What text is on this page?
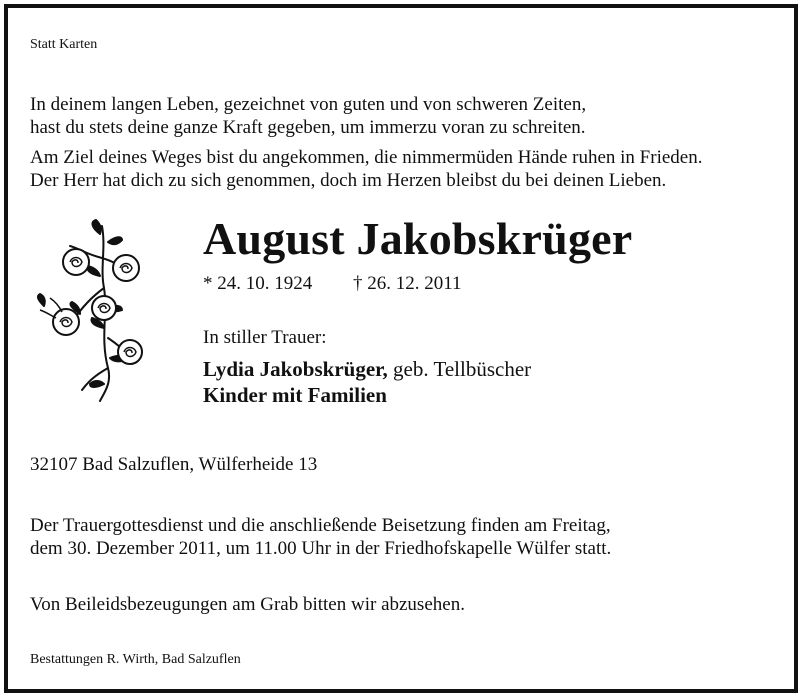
Statt Karten
In deinem langen Leben, gezeichnet von guten und von schweren Zeiten,
hast du stets deine ganze Kraft gegeben, um immerzu voran zu schreiten.
Am Ziel deines Weges bist du angekommen, die nimmermüden Hände ruhen in Frieden.
Der Herr hat dich zu sich genommen, doch im Herzen bleibst du bei deinen Lieben.
August Jakobskrüger
* 24. 10. 1924 † 26. 12. 2011
In stiller Trauer:
Lydia Jakobskrüger, geb. Tellbüscher
Kinder mit Familien
32107 Bad Salzuflen, Wülferheide 13
Der Trauergottesdienst und die anschließende Beisetzung finden am Freitag,
dem 30. Dezember 2011, um 11.00 Uhr in der Friedhofskapelle Wülfer statt.
Von Beileidsbezeugungen am Grab bitten wir abzusehen.
Bestattungen R. Wirth, Bad Salzuflen
